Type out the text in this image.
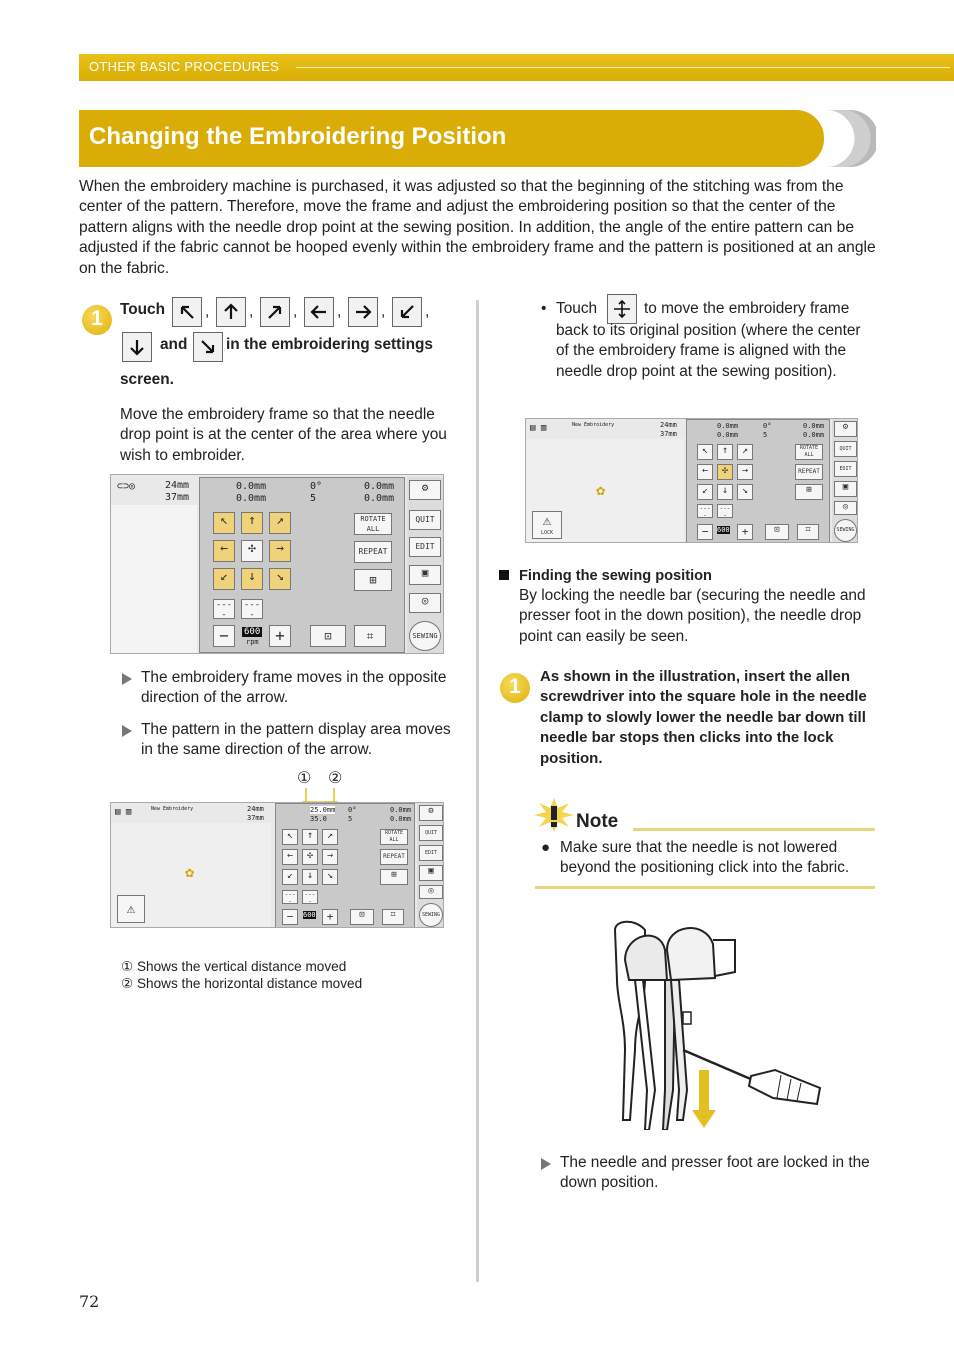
OTHER BASIC PROCEDURES
Changing the Embroidering Position

When the embroidery machine is purchased, it was adjusted so that the beginning of the stitching was from the center of the pattern. Therefore, move the frame and adjust the embroidering position so that the center of the pattern aligns with the needle drop point at the sewing position. In addition, the angle of the entire pattern can be adjusted if the fabric cannot be hooped evenly within the embroidery frame and the pattern is positioned at an angle on the fabric.

1	Touch	,	,	,	,	,	,
and	in the embroidering settings
screen.
Move the embroidery frame so that the needle drop point is at the center of the area where you wish to embroider.
⊂⊃◎	24mm
37mm
0.0mm
0.0mm
0°
5
0.0mm
0.0mm
↖	↑	↗
←	✣	→
↙	↓	↘
----
----
ROTATE ALL
REPEAT
⊞
−	600
rpm	+	⊡	⌗
⚙
QUIT
EDIT
▣
◎
SEWING
The embroidery frame moves in the opposite direction of the arrow.
The pattern in the pattern display area moves in the same direction of the arrow.
① ②
▤ ▥	New Embroidery	24mm
37mm
✿
⚠
25.0mm
35.0
0°
5
0.0mm
0.0mm
↖	↑	↗
←	✣	→
↙	↓	↘
ROTATE ALL
REPEAT
⊞
----
----
−	600	+	⊡	⌗
⚙
QUIT
EDIT
▣
◎
SEWING
① Shows the vertical distance moved
② Shows the horizontal distance moved
• Touch	to move the embroidery frame
back to its original position (where the center of the embroidery frame is aligned with the needle drop point at the sewing position).
▤ ▥	New Embroidery	24mm
37mm
✿
⚠
LOCK
0.0mm
0.0mm
0°
5
0.0mm
0.0mm
↖	↑	↗
←	✣	→
↙	↓	↘
ROTATE ALL
REPEAT
⊞
----
----
−	600	+	⊡	⌗
⚙
QUIT
EDIT
▣
◎
SEWING
Finding the sewing position
By locking the needle bar (securing the needle and presser foot in the down position), the needle drop point can easily be seen.
1	As shown in the illustration, insert the allen screwdriver into the square hole in the needle clamp to slowly lower the needle bar down till needle bar stops then clicks into the lock position.
Note
● Make sure that the needle is not lowered beyond the positioning click into the fabric.
The needle and presser foot are locked in the down position.
72
